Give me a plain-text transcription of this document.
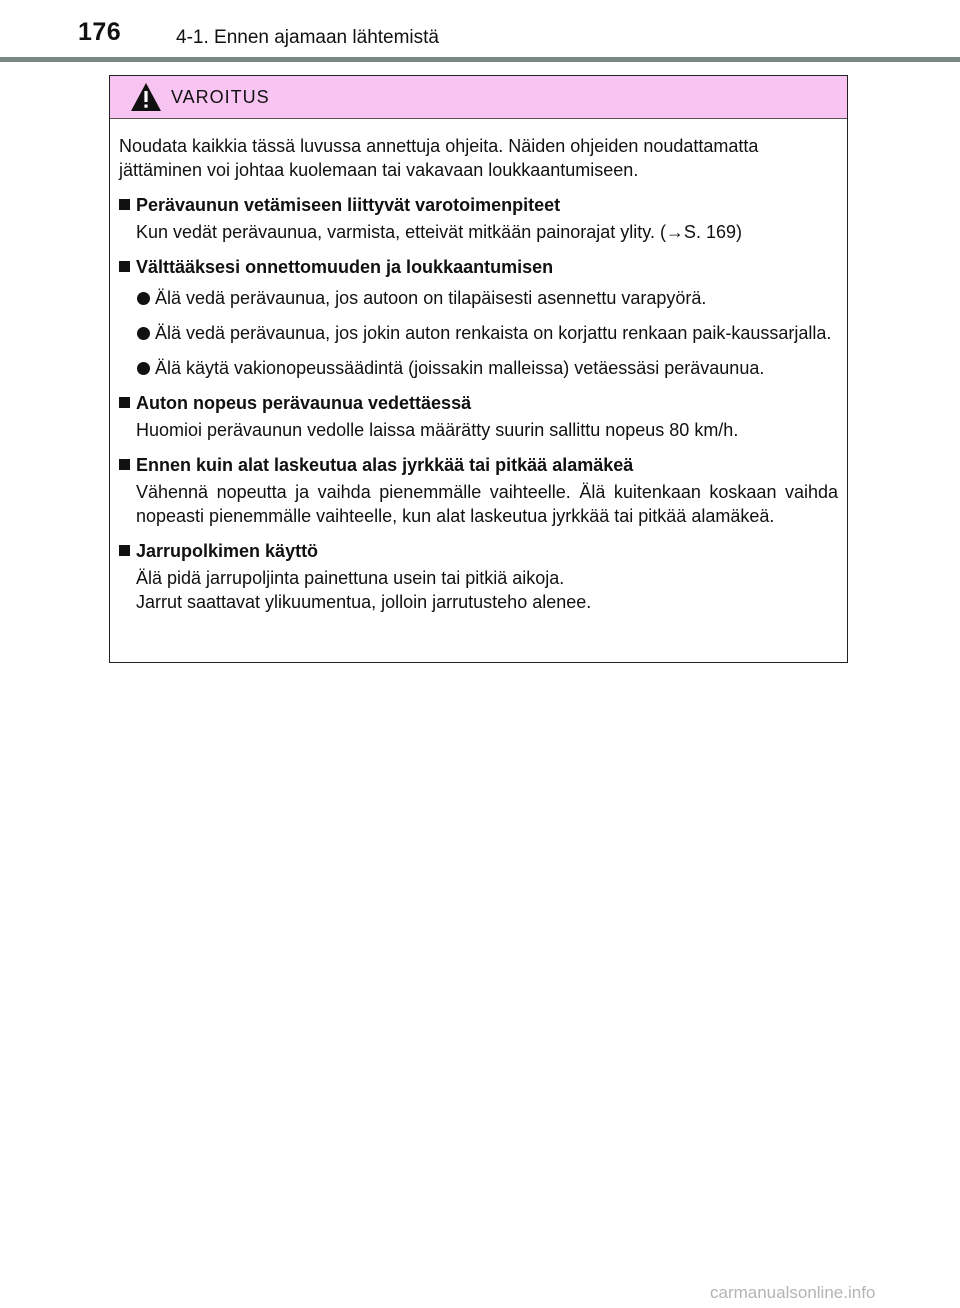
176	4-1. Ennen ajamaan lähtemistä
VAROITUS

Noudata kaikkia tässä luvussa annettuja ohjeita. Näiden ohjeiden noudattamatta
jättäminen voi johtaa kuolemaan tai vakavaan loukkaantumiseen.

Perävaunun vetämiseen liittyvät varotoimenpiteet
Kun vedät perävaunua, varmista, etteivät mitkään painorajat ylity. (→S. 169)
Välttääksesi onnettomuuden ja loukkaantumisen
Älä vedä perävaunua, jos autoon on tilapäisesti asennettu varapyörä.
Älä vedä perävaunua, jos jokin auton renkaista on korjattu renkaan paik-kaussarjalla.
Älä käytä vakionopeussäädintä (joissakin malleissa) vetäessäsi perävaunua.
Auton nopeus perävaunua vedettäessä
Huomioi perävaunun vedolle laissa määrätty suurin sallittu nopeus 80 km/h.
Ennen kuin alat laskeutua alas jyrkkää tai pitkää alamäkeä
Vähennä nopeutta ja vaihda pienemmälle vaihteelle. Älä kuitenkaan koskaan vaihda nopeasti pienemmälle vaihteelle, kun alat laskeutua jyrkkää tai pitkää alamäkeä.
Jarrupolkimen käyttö
Älä pidä jarrupoljinta painettuna usein tai pitkiä aikoja.
Jarrut saattavat ylikuumentua, jolloin jarrutusteho alenee.
carmanualsonline.info
